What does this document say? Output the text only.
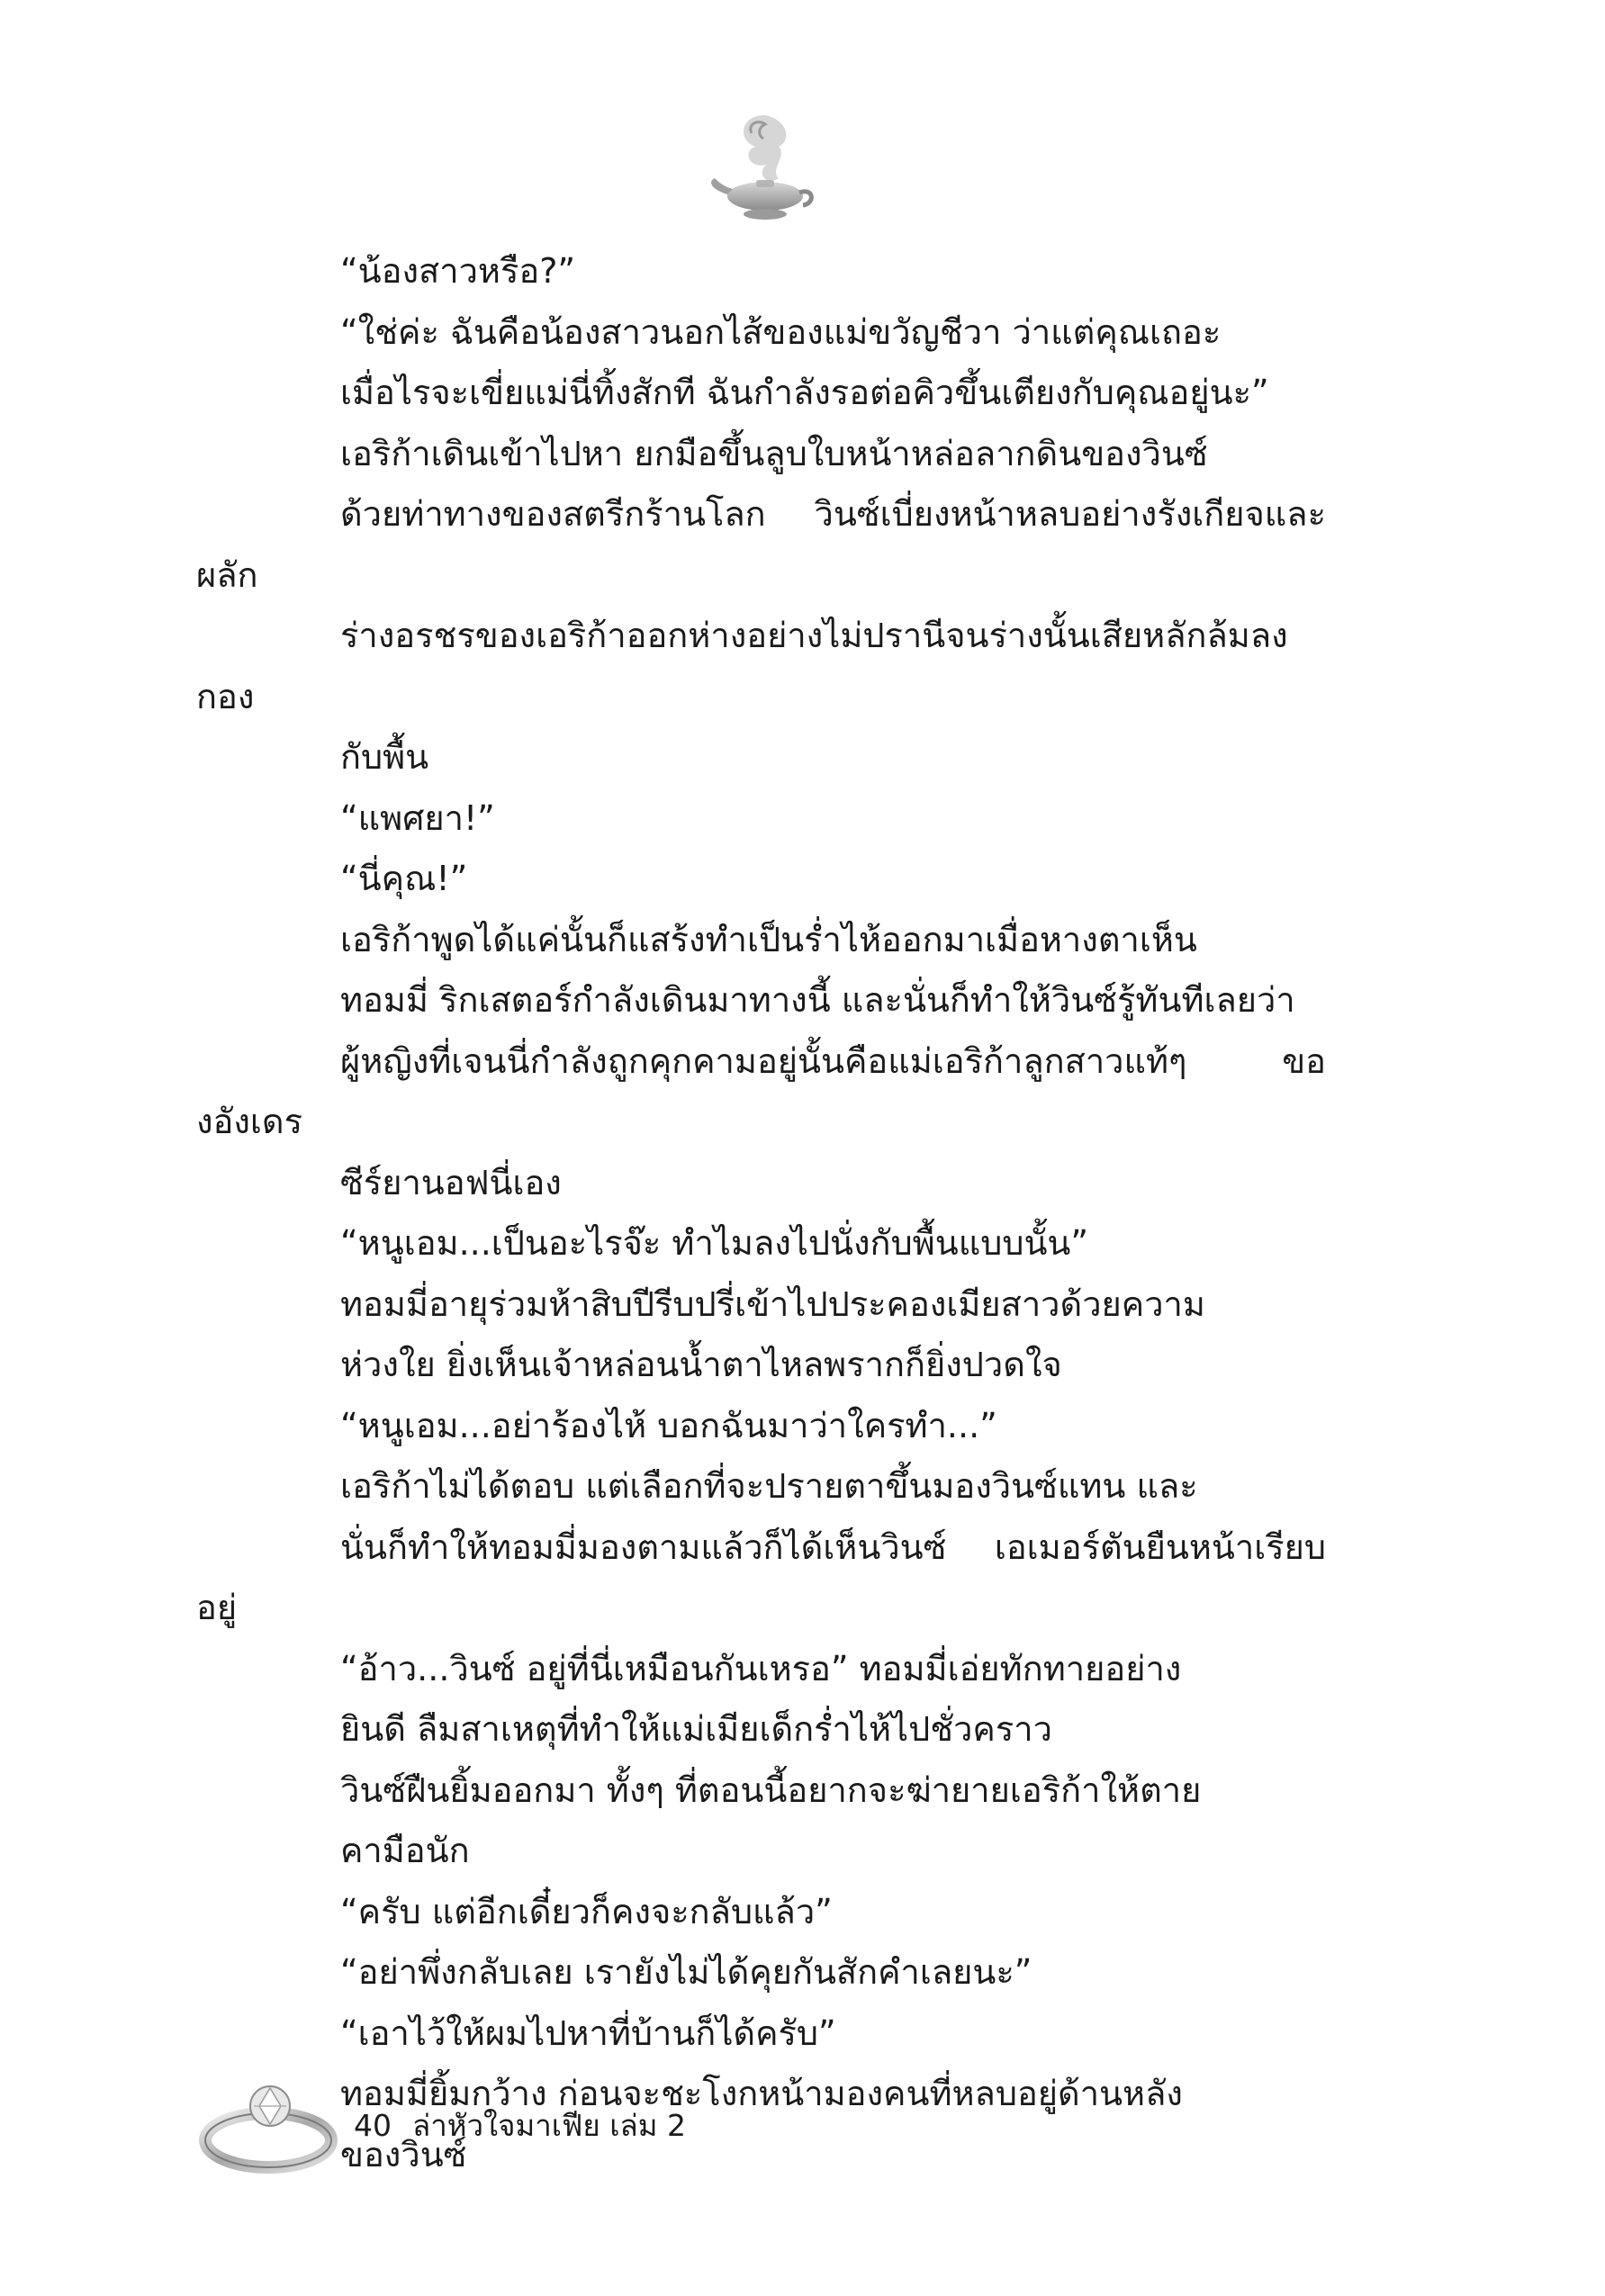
“น้องสาวหรือ?”

“ใช่ค่ะ ฉันคือน้องสาวนอกไส้ของแม่ขวัญชีวา ว่าแต่คุณเถอะ
เมื่อไรจะเขี่ยแม่นี่ทิ้งสักที ฉันกำลังรอต่อคิวขึ้นเตียงกับคุณอยู่นะ”

เอริก้าเดินเข้าไปหา ยกมือขึ้นลูบใบหน้าหล่อลากดินของวินซ์
ด้วยท่าทางของสตรีกร้านโลก วินซ์เบี่ยงหน้าหลบอย่างรังเกียจและผลัก
ร่างอรชรของเอริก้าออกห่างอย่างไม่ปรานีจนร่างนั้นเสียหลักล้มลงกอง
กับพื้น

“แพศยา!”

“นี่คุณ!”

เอริก้าพูดได้แค่นั้นก็แสร้งทำเป็นร่ำไห้ออกมาเมื่อหางตาเห็น
ทอมมี่ ริกเสตอร์กำลังเดินมาทางนี้ และนั่นก็ทำให้วินซ์รู้ทันทีเลยว่า
ผู้หญิงที่เจนนี่กำลังถูกคุกคามอยู่นั้นคือแม่เอริก้าลูกสาวแท้ๆ ของอังเดร
ซีร์ยานอฟนี่เอง

“หนูเอม...เป็นอะไรจ๊ะ ทำไมลงไปนั่งกับพื้นแบบนั้น”

ทอมมี่อายุร่วมห้าสิบปีรีบปรี่เข้าไปประคองเมียสาวด้วยความ
ห่วงใย ยิ่งเห็นเจ้าหล่อนน้ำตาไหลพรากก็ยิ่งปวดใจ

“หนูเอม...อย่าร้องไห้ บอกฉันมาว่าใครทำ...”

เอริก้าไม่ได้ตอบ แต่เลือกที่จะปรายตาขึ้นมองวินซ์แทน และ
นั่นก็ทำให้ทอมมี่มองตามแล้วก็ได้เห็นวินซ์ เอเมอร์ตันยืนหน้าเรียบอยู่

“อ้าว...วินซ์ อยู่ที่นี่เหมือนกันเหรอ” ทอมมี่เอ่ยทักทายอย่าง
ยินดี ลืมสาเหตุที่ทำให้แม่เมียเด็กร่ำไห้ไปชั่วคราว

วินซ์ฝืนยิ้มออกมา ทั้งๆ ที่ตอนนี้อยากจะฆ่ายายเอริก้าให้ตาย
คามือนัก

“ครับ แต่อีกเดี๋ยวก็คงจะกลับแล้ว”

“อย่าพึ่งกลับเลย เรายังไม่ได้คุยกันสักคำเลยนะ”

“เอาไว้ให้ผมไปหาที่บ้านก็ได้ครับ”

ทอมมี่ยิ้มกว้าง ก่อนจะชะโงกหน้ามองคนที่หลบอยู่ด้านหลัง
ของวินซ์

40 ล่าหัวใจมาเฟีย เล่ม 2
